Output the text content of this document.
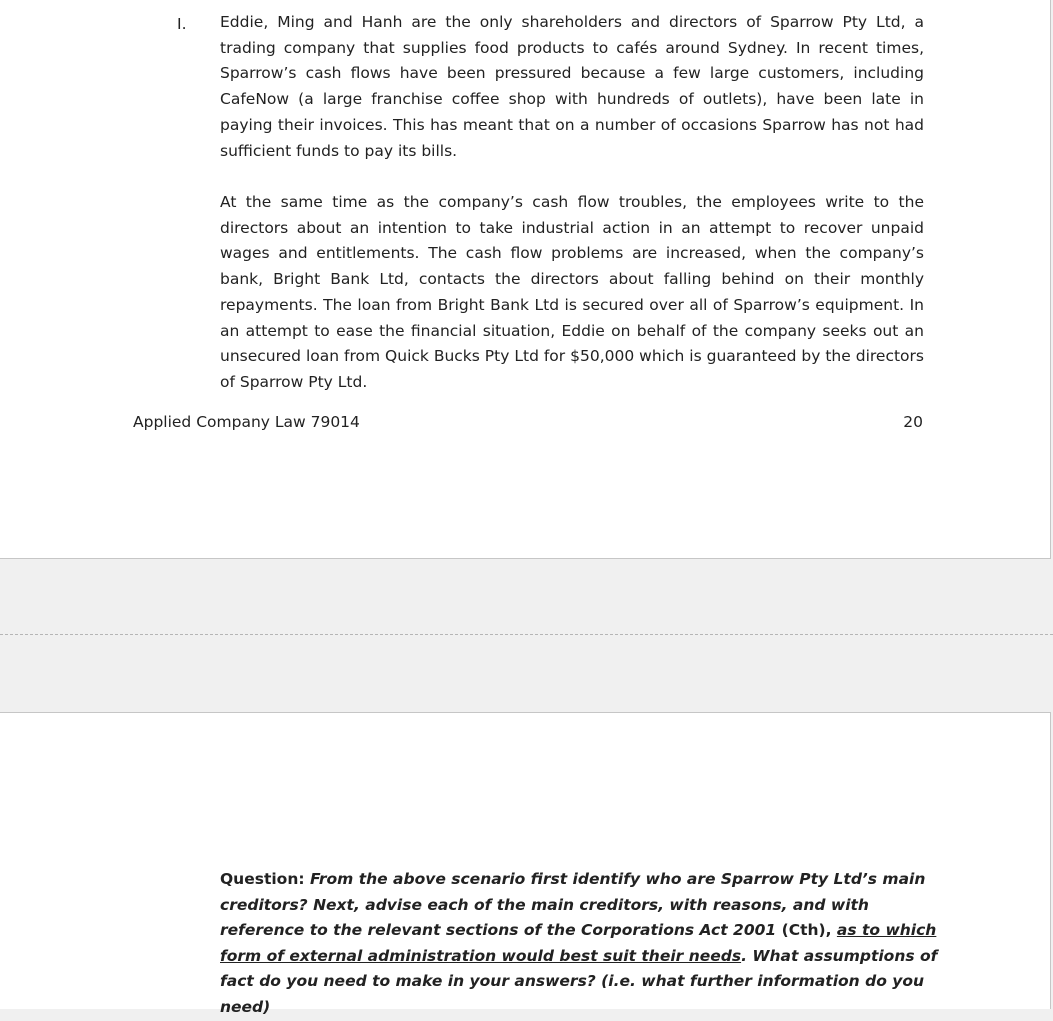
I. Eddie, Ming and Hanh are the only shareholders and directors of Sparrow Pty Ltd, a trading company that supplies food products to cafés around Sydney. In recent times, Sparrow’s cash flows have been pressured because a few large customers, including CafeNow (a large franchise coffee shop with hundreds of outlets), have been late in paying their invoices. This has meant that on a number of occasions Sparrow has not had sufficient funds to pay its bills.

At the same time as the company’s cash flow troubles, the employees write to the directors about an intention to take industrial action in an attempt to recover unpaid wages and entitlements. The cash flow problems are increased, when the company’s bank, Bright Bank Ltd, contacts the directors about falling behind on their monthly repayments. The loan from Bright Bank Ltd is secured over all of Sparrow’s equipment. In an attempt to ease the financial situation, Eddie on behalf of the company seeks out an unsecured loan from Quick Bucks Pty Ltd for $50,000 which is guaranteed by the directors of Sparrow Pty Ltd.

Applied Company Law 79014	20

Question: From the above scenario first identify who are Sparrow Pty Ltd’s main creditors? Next, advise each of the main creditors, with reasons, and with reference to the relevant sections of the Corporations Act 2001 (Cth), as to which form of external administration would best suit their needs. What assumptions of fact do you need to make in your answers? (i.e. what further information do you need)
